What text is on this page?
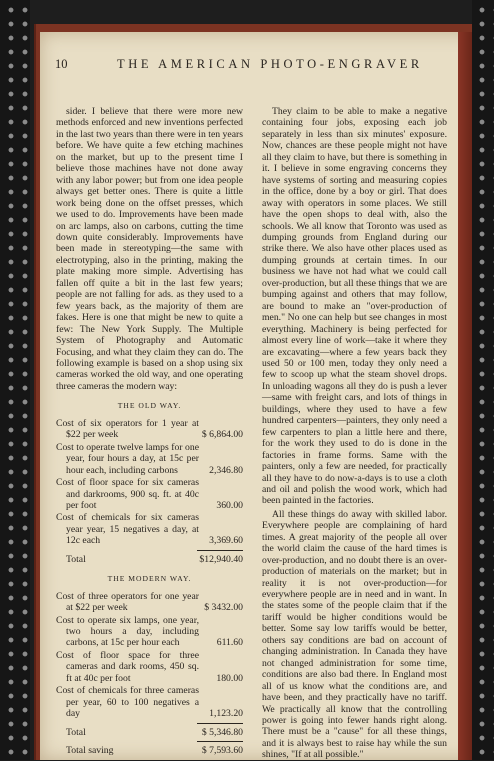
10	THE AMERICAN PHOTO-ENGRAVER

sider. I believe that there were more new methods enforced and new inventions perfected in the last two years than there were in ten years before. We have quite a few etching machines on the market, but up to the present time I believe those machines have not done away with any labor power; but from one idea people always get better ones. There is quite a little work being done on the offset presses, which we used to do. Improvements have been made on arc lamps, also on carbons, cutting the time down quite considerably. Improvements have been made in stereotyping—the same with electrotyping, also in the printing, making the plate making more simple. Advertising has fallen off quite a bit in the last few years; people are not falling for ads. as they used to a few years back, as the majority of them are fakes. Here is one that might be new to quite a few: The New York Supply. The Multiple System of Photography and Automatic Focusing, and what they claim they can do. The following example is based on a shop using six cameras worked the old way, and one operating three cameras the modern way:

THE OLD WAY.
Cost of six operators for 1 year at $22 per week	$ 6,864.00
Cost to operate twelve lamps for one year, four hours a day, at 15c per hour each, including carbons	2,346.80
Cost of floor space for six cameras and darkrooms, 900 sq. ft. at 40c per foot	360.00
Cost of chemicals for six cameras year year, 15 negatives a day, at 12c each	3,369.60
Total	$12,940.40
THE MODERN WAY.
Cost of three operators for one year at $22 per week	$ 3432.00
Cost to operate six lamps, one year, two hours a day, including carbons, at 15c per hour each	611.60
Cost of floor space for three cameras and dark rooms, 450 sq. ft at 40c per foot	180.00
Cost of chemicals for three cameras per year, 60 to 100 negatives a day	1,123.20
Total	$ 5,346.80
Total saving	$ 7,593.60

They claim to be able to make a negative containing four jobs, exposing each job separately in less than six minutes' exposure. Now, chances are these people might not have all they claim to have, but there is something in it. I believe in some engraving concerns they have systems of sorting and measuring copies in the office, done by a boy or girl. That does away with operators in some places. We still have the open shops to deal with, also the schools. We all know that Toronto was used as dumping grounds from England during our strike there. We also have other places used as dumping grounds at certain times. In our business we have not had what we could call over-production, but all these things that we are bumping against and others that may follow, are bound to make an "over-production of men." No one can help but see changes in most everything. Machinery is being perfected for almost every line of work—take it where they are excavating—where a few years back they used 50 or 100 men, today they only need a few to scoop up what the steam shovel drops. In unloading wagons all they do is push a lever—same with freight cars, and lots of things in buildings, where they used to have a few hundred carpenters—painters, they only need a few carpenters to plan a little here and there, for the work they used to do is done in the factories in frame forms. Same with the painters, only a few are needed, for practically all they have to do now-a-days is to use a cloth and oil and polish the wood work, which had been painted in the factories.

All these things do away with skilled labor. Everywhere people are complaining of hard times. A great majority of the people all over the world claim the cause of the hard times is over-production, and no doubt there is an over-production of materials on the market; but in reality it is not over-production—for everywhere people are in need and in want. In the states some of the people claim that if the tariff would be higher conditions would be better. Some say low tariffs would be better, others say conditions are bad on account of changing administration. In Canada they have not changed administration for some time, conditions are also bad there. In England most all of us know what the conditions are, and have been, and they practically have no tariff. We practically all know that the controlling power is going into fewer hands right along. There must be a "cause" for all these things, and it is always best to raise hay while the sun shines, "If at all possible."
